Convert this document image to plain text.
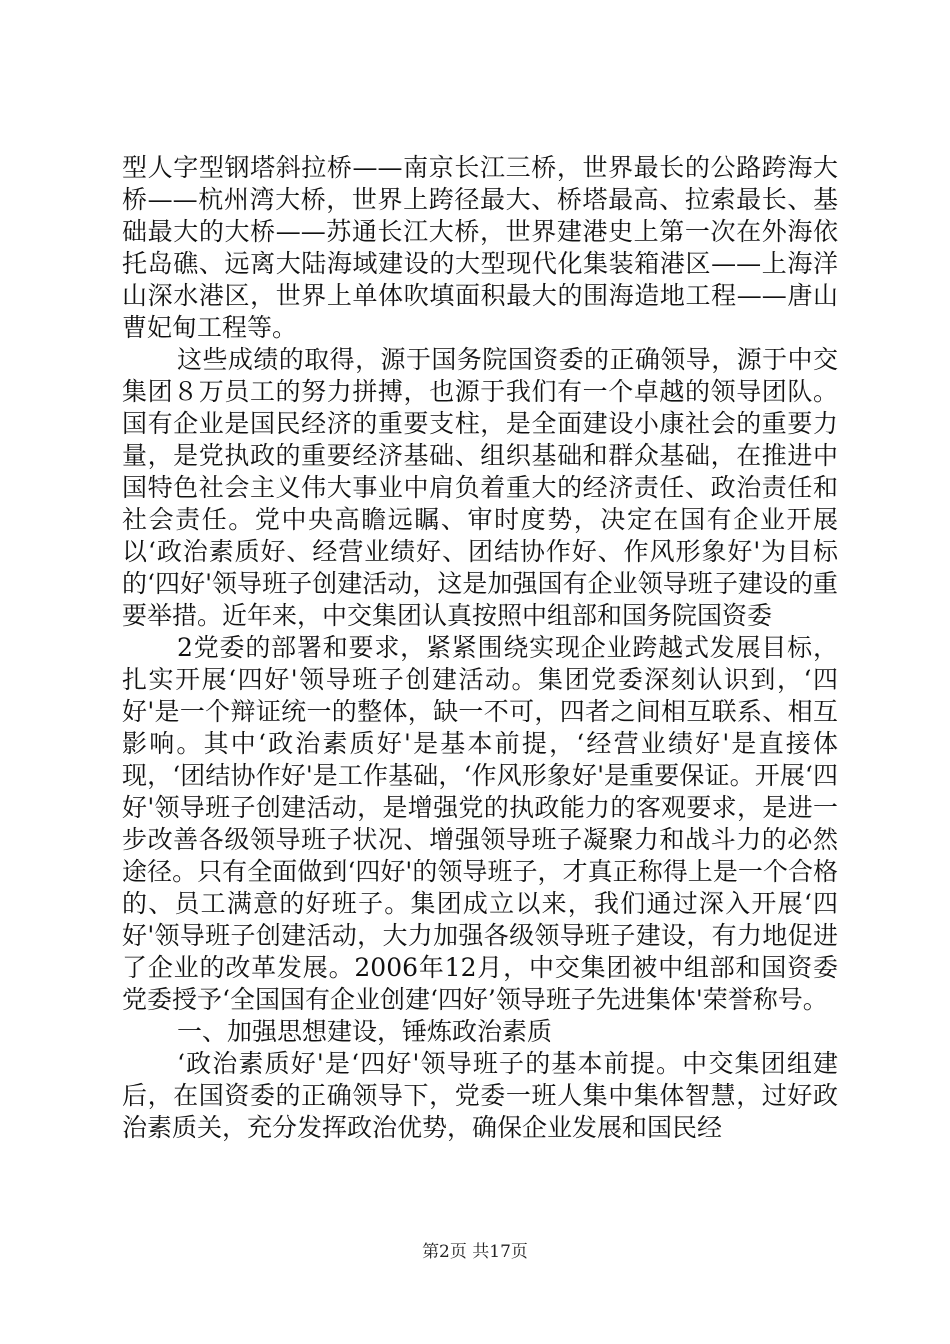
型人字型钢塔斜拉桥——南京长江三桥，世界最长的公路跨海大桥——杭州湾大桥，世界上跨径最大、桥塔最高、拉索最长、基础最大的大桥——苏通长江大桥，世界建港史上第一次在外海依托岛礁、远离大陆海域建设的大型现代化集装箱港区——上海洋山深水港区，世界上单体吹填面积最大的围海造地工程——唐山曹妃甸工程等。

这些成绩的取得，源于国务院国资委的正确领导，源于中交集团８万员工的努力拼搏，也源于我们有一个卓越的领导团队。国有企业是国民经济的重要支柱，是全面建设小康社会的重要力量，是党执政的重要经济基础、组织基础和群众基础，在推进中国特色社会主义伟大事业中肩负着重大的经济责任、政治责任和社会责任。党中央高瞻远瞩、审时度势，决定在国有企业开展以‘政治素质好、经营业绩好、团结协作好、作风形象好'为目标的‘四好'领导班子创建活动，这是加强国有企业领导班子建设的重要举措。近年来，中交集团认真按照中组部和国务院国资委

2党委的部署和要求，紧紧围绕实现企业跨越式发展目标，扎实开展‘四好'领导班子创建活动。集团党委深刻认识到，‘四好'是一个辩证统一的整体，缺一不可，四者之间相互联系、相互影响。其中‘政治素质好'是基本前提，‘经营业绩好'是直接体现，‘团结协作好'是工作基础，‘作风形象好'是重要保证。开展‘四好'领导班子创建活动，是增强党的执政能力的客观要求，是进一步改善各级领导班子状况、增强领导班子凝聚力和战斗力的必然途径。只有全面做到‘四好'的领导班子，才真正称得上是一个合格的、员工满意的好班子。集团成立以来，我们通过深入开展‘四好'领导班子创建活动，大力加强各级领导班子建设，有力地促进了企业的改革发展。2006年12月，中交集团被中组部和国资委党委授予‘全国国有企业创建‘四好’领导班子先进集体'荣誉称号。

一、加强思想建设，锤炼政治素质

‘政治素质好'是‘四好'领导班子的基本前提。中交集团组建后，在国资委的正确领导下，党委一班人集中集体智慧，过好政治素质关，充分发挥政治优势，确保企业发展和国民经

第2页 共17页
